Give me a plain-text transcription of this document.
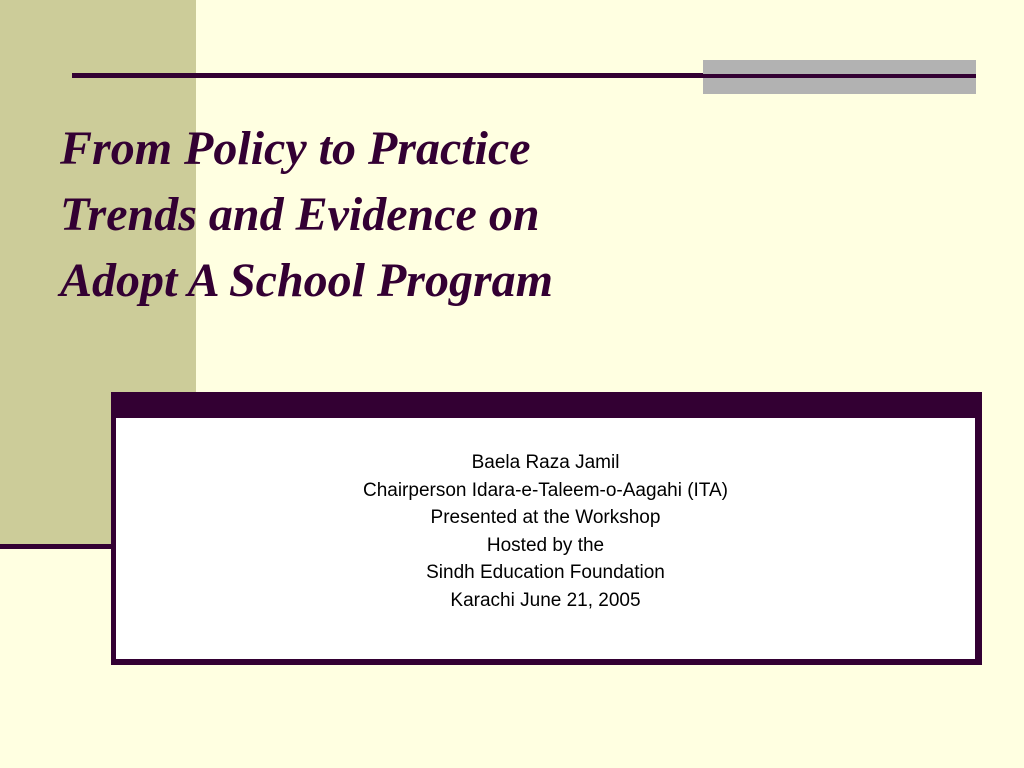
From Policy to Practice
Trends and Evidence on
Adopt A School Program
Baela Raza Jamil
Chairperson Idara-e-Taleem-o-Aagahi (ITA)
Presented at the Workshop
Hosted by the
Sindh Education Foundation
Karachi June 21, 2005
